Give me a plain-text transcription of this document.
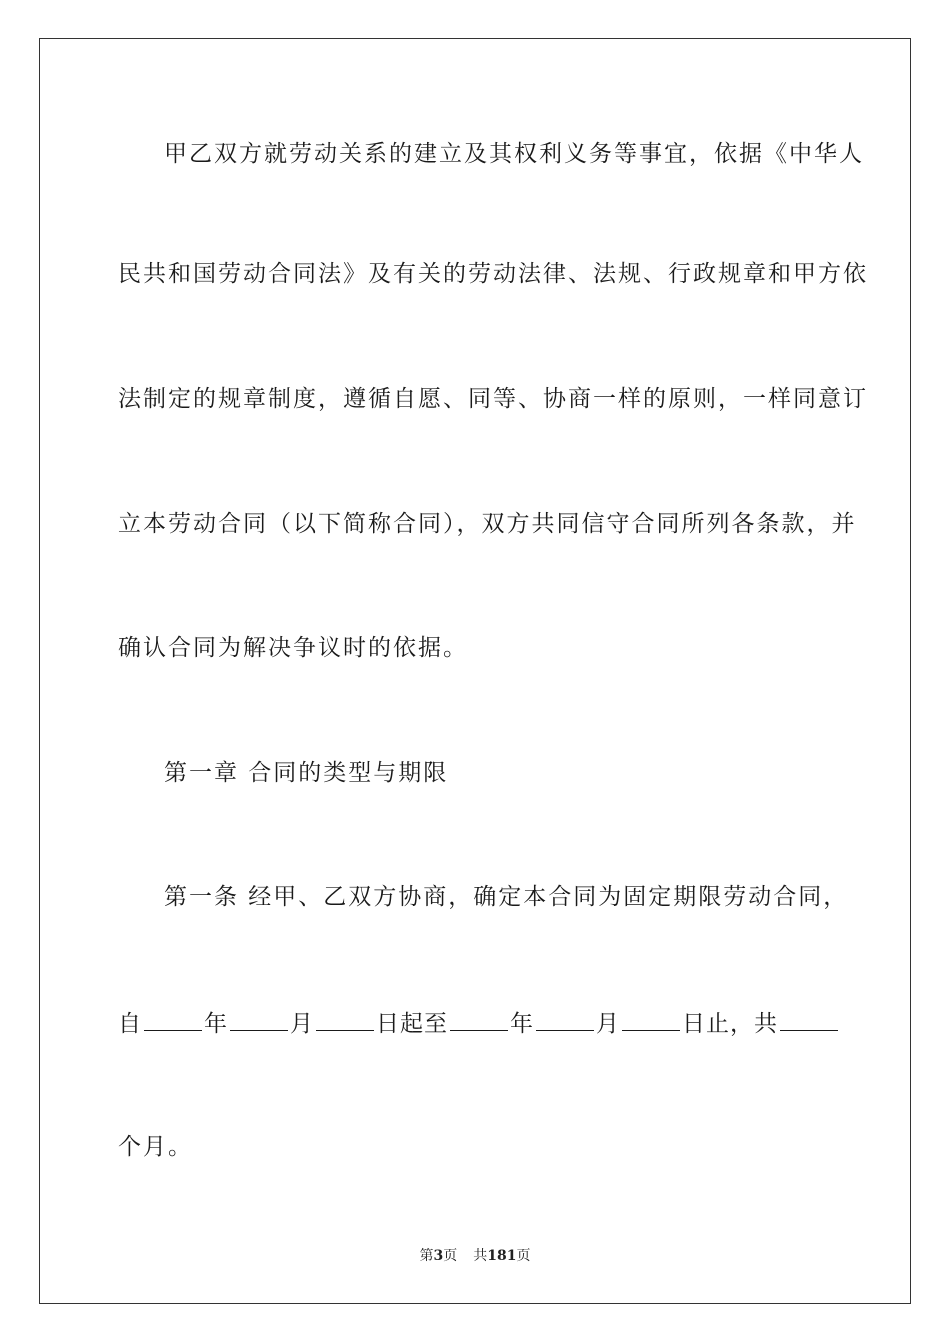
甲乙双方就劳动关系的建立及其权利义务等事宜，依据《中华人
民共和国劳动合同法》及有关的劳动法律、法规、行政规章和甲方依
法制定的规章制度，遵循自愿、同等、协商一样的原则，一样同意订
立本劳动合同（以下简称合同），双方共同信守合同所列各条款，并
确认合同为解决争议时的依据。
第一章 合同的类型与期限
第一条 经甲、乙双方协商，确定本合同为固定期限劳动合同，
自	年	月	日起至	年	月	日止，共
个月。
第3页 共181页
